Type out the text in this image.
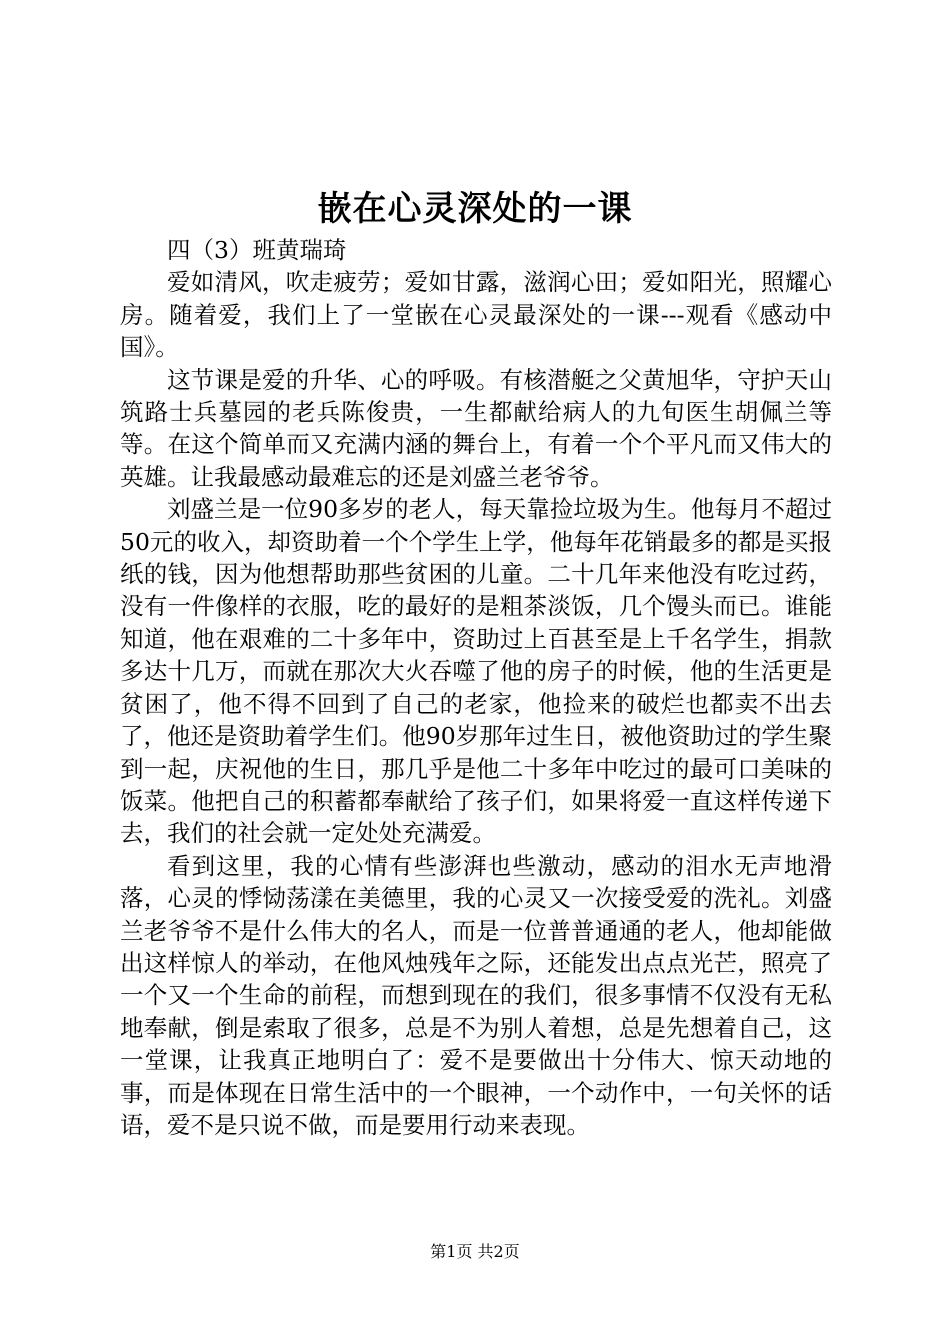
嵌在心灵深处的一课

四（3）班黄瑞琦

爱如清风，吹走疲劳；爱如甘露，滋润心田；爱如阳光，照耀心房。随着爱，我们上了一堂嵌在心灵最深处的一课---观看《感动中国》。

这节课是爱的升华、心的呼吸。有核潜艇之父黄旭华，守护天山筑路士兵墓园的老兵陈俊贵，一生都献给病人的九旬医生胡佩兰等等。在这个简单而又充满内涵的舞台上，有着一个个平凡而又伟大的英雄。让我最感动最难忘的还是刘盛兰老爷爷。

刘盛兰是一位90多岁的老人，每天靠捡垃圾为生。他每月不超过50元的收入，却资助着一个个学生上学，他每年花销最多的都是买报纸的钱，因为他想帮助那些贫困的儿童。二十几年来他没有吃过药，没有一件像样的衣服，吃的最好的是粗茶淡饭，几个馒头而已。谁能知道，他在艰难的二十多年中，资助过上百甚至是上千名学生，捐款多达十几万，而就在那次大火吞噬了他的房子的时候，他的生活更是贫困了，他不得不回到了自己的老家，他捡来的破烂也都卖不出去了，他还是资助着学生们。他90岁那年过生日，被他资助过的学生聚到一起，庆祝他的生日，那几乎是他二十多年中吃过的最可口美味的饭菜。他把自己的积蓄都奉献给了孩子们，如果将爱一直这样传递下去，我们的社会就一定处处充满爱。

看到这里，我的心情有些澎湃也些激动，感动的泪水无声地滑落，心灵的悸恸荡漾在美德里，我的心灵又一次接受爱的洗礼。刘盛兰老爷爷不是什么伟大的名人，而是一位普普通通的老人，他却能做出这样惊人的举动，在他风烛残年之际，还能发出点点光芒，照亮了一个又一个生命的前程，而想到现在的我们，很多事情不仅没有无私地奉献，倒是索取了很多，总是不为别人着想，总是先想着自己，这一堂课，让我真正地明白了：爱不是要做出十分伟大、惊天动地的事，而是体现在日常生活中的一个眼神，一个动作中，一句关怀的话语，爱不是只说不做，而是要用行动来表现。

第1页 共2页
